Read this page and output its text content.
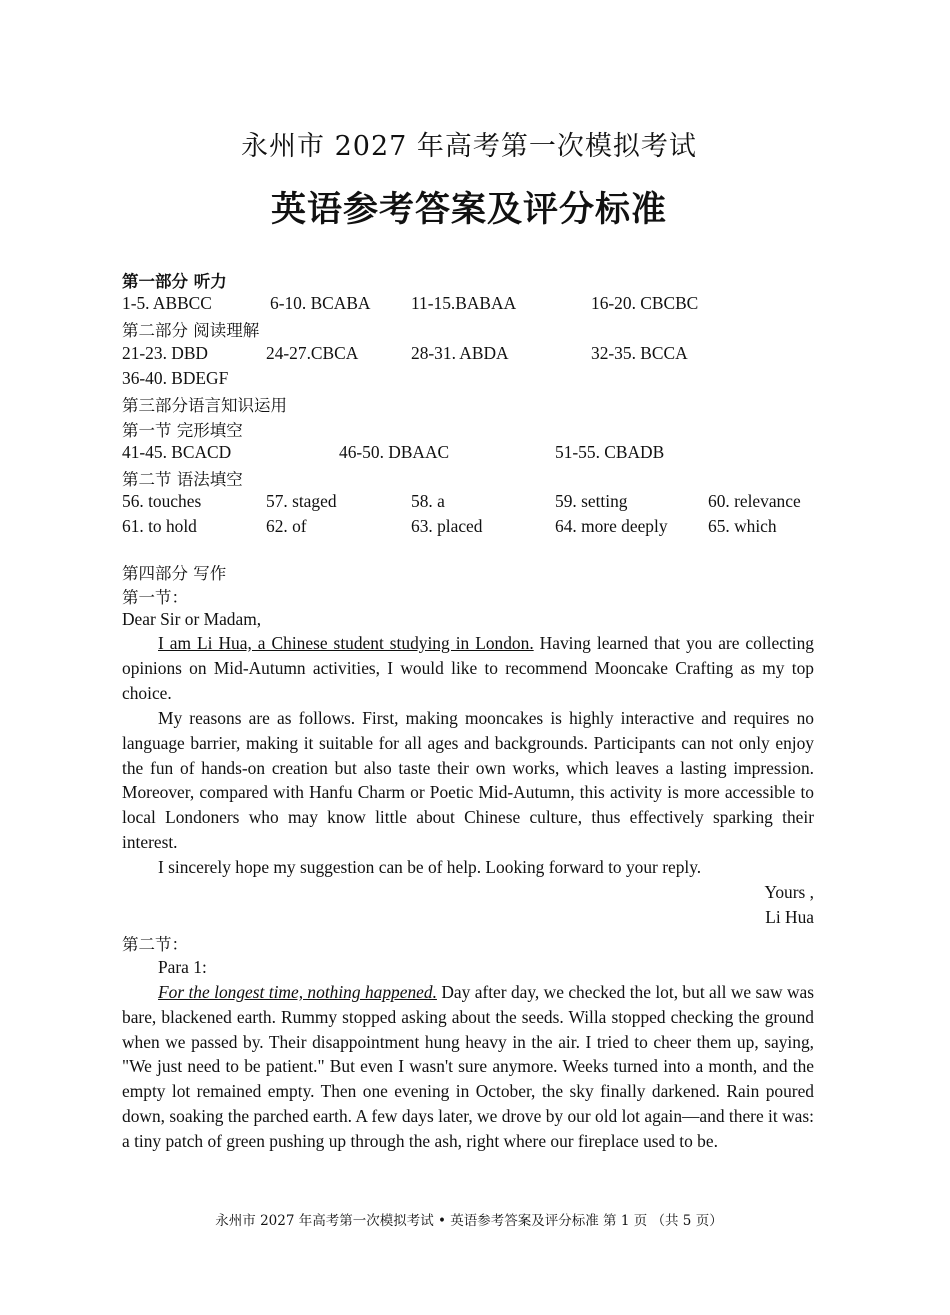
永州市 2027 年高考第一次模拟考试
英语参考答案及评分标准
第一部分 听力
1-5. ABBCC	6-10. BCABA 11-15.BABAA	16-20. CBCBC
第二部分 阅读理解
21-23. DBD	24-27.CBCA	28-31. ABDA	32-35. BCCA
36-40. BDEGF
第三部分语言知识运用
第一节 完形填空
41-45. BCACD	46-50. DBAAC	51-55. CBADB
第二节 语法填空
56. touches	57. staged	58. a	59. setting	60. relevance
61. to hold	62. of	63. placed	64. more deeply 65. which
第四部分 写作
第一节：
Dear Sir or Madam,
I am Li Hua, a Chinese student studying in London. Having learned that you are collecting opinions on Mid-Autumn activities, I would like to recommend Mooncake Crafting as my top choice.
My reasons are as follows. First, making mooncakes is highly interactive and requires no language barrier, making it suitable for all ages and backgrounds. Participants can not only enjoy the fun of hands-on creation but also taste their own works, which leaves a lasting impression. Moreover, compared with Hanfu Charm or Poetic Mid-Autumn, this activity is more accessible to local Londoners who may know little about Chinese culture, thus effectively sparking their interest.
I sincerely hope my suggestion can be of help. Looking forward to your reply.
Yours ,
Li Hua
第二节：
Para 1:
For the longest time, nothing happened. Day after day, we checked the lot, but all we saw was bare, blackened earth. Rummy stopped asking about the seeds. Willa stopped checking the ground when we passed by. Their disappointment hung heavy in the air. I tried to cheer them up, saying, "We just need to be patient." But even I wasn't sure anymore. Weeks turned into a month, and the empty lot remained empty. Then one evening in October, the sky finally darkened. Rain poured down, soaking the parched earth. A few days later, we drove by our old lot again—and there it was: a tiny patch of green pushing up through the ash, right where our fireplace used to be.
永州市 2027 年高考第一次模拟考试 • 英语参考答案及评分标准 第 1 页 （共 5 页）
